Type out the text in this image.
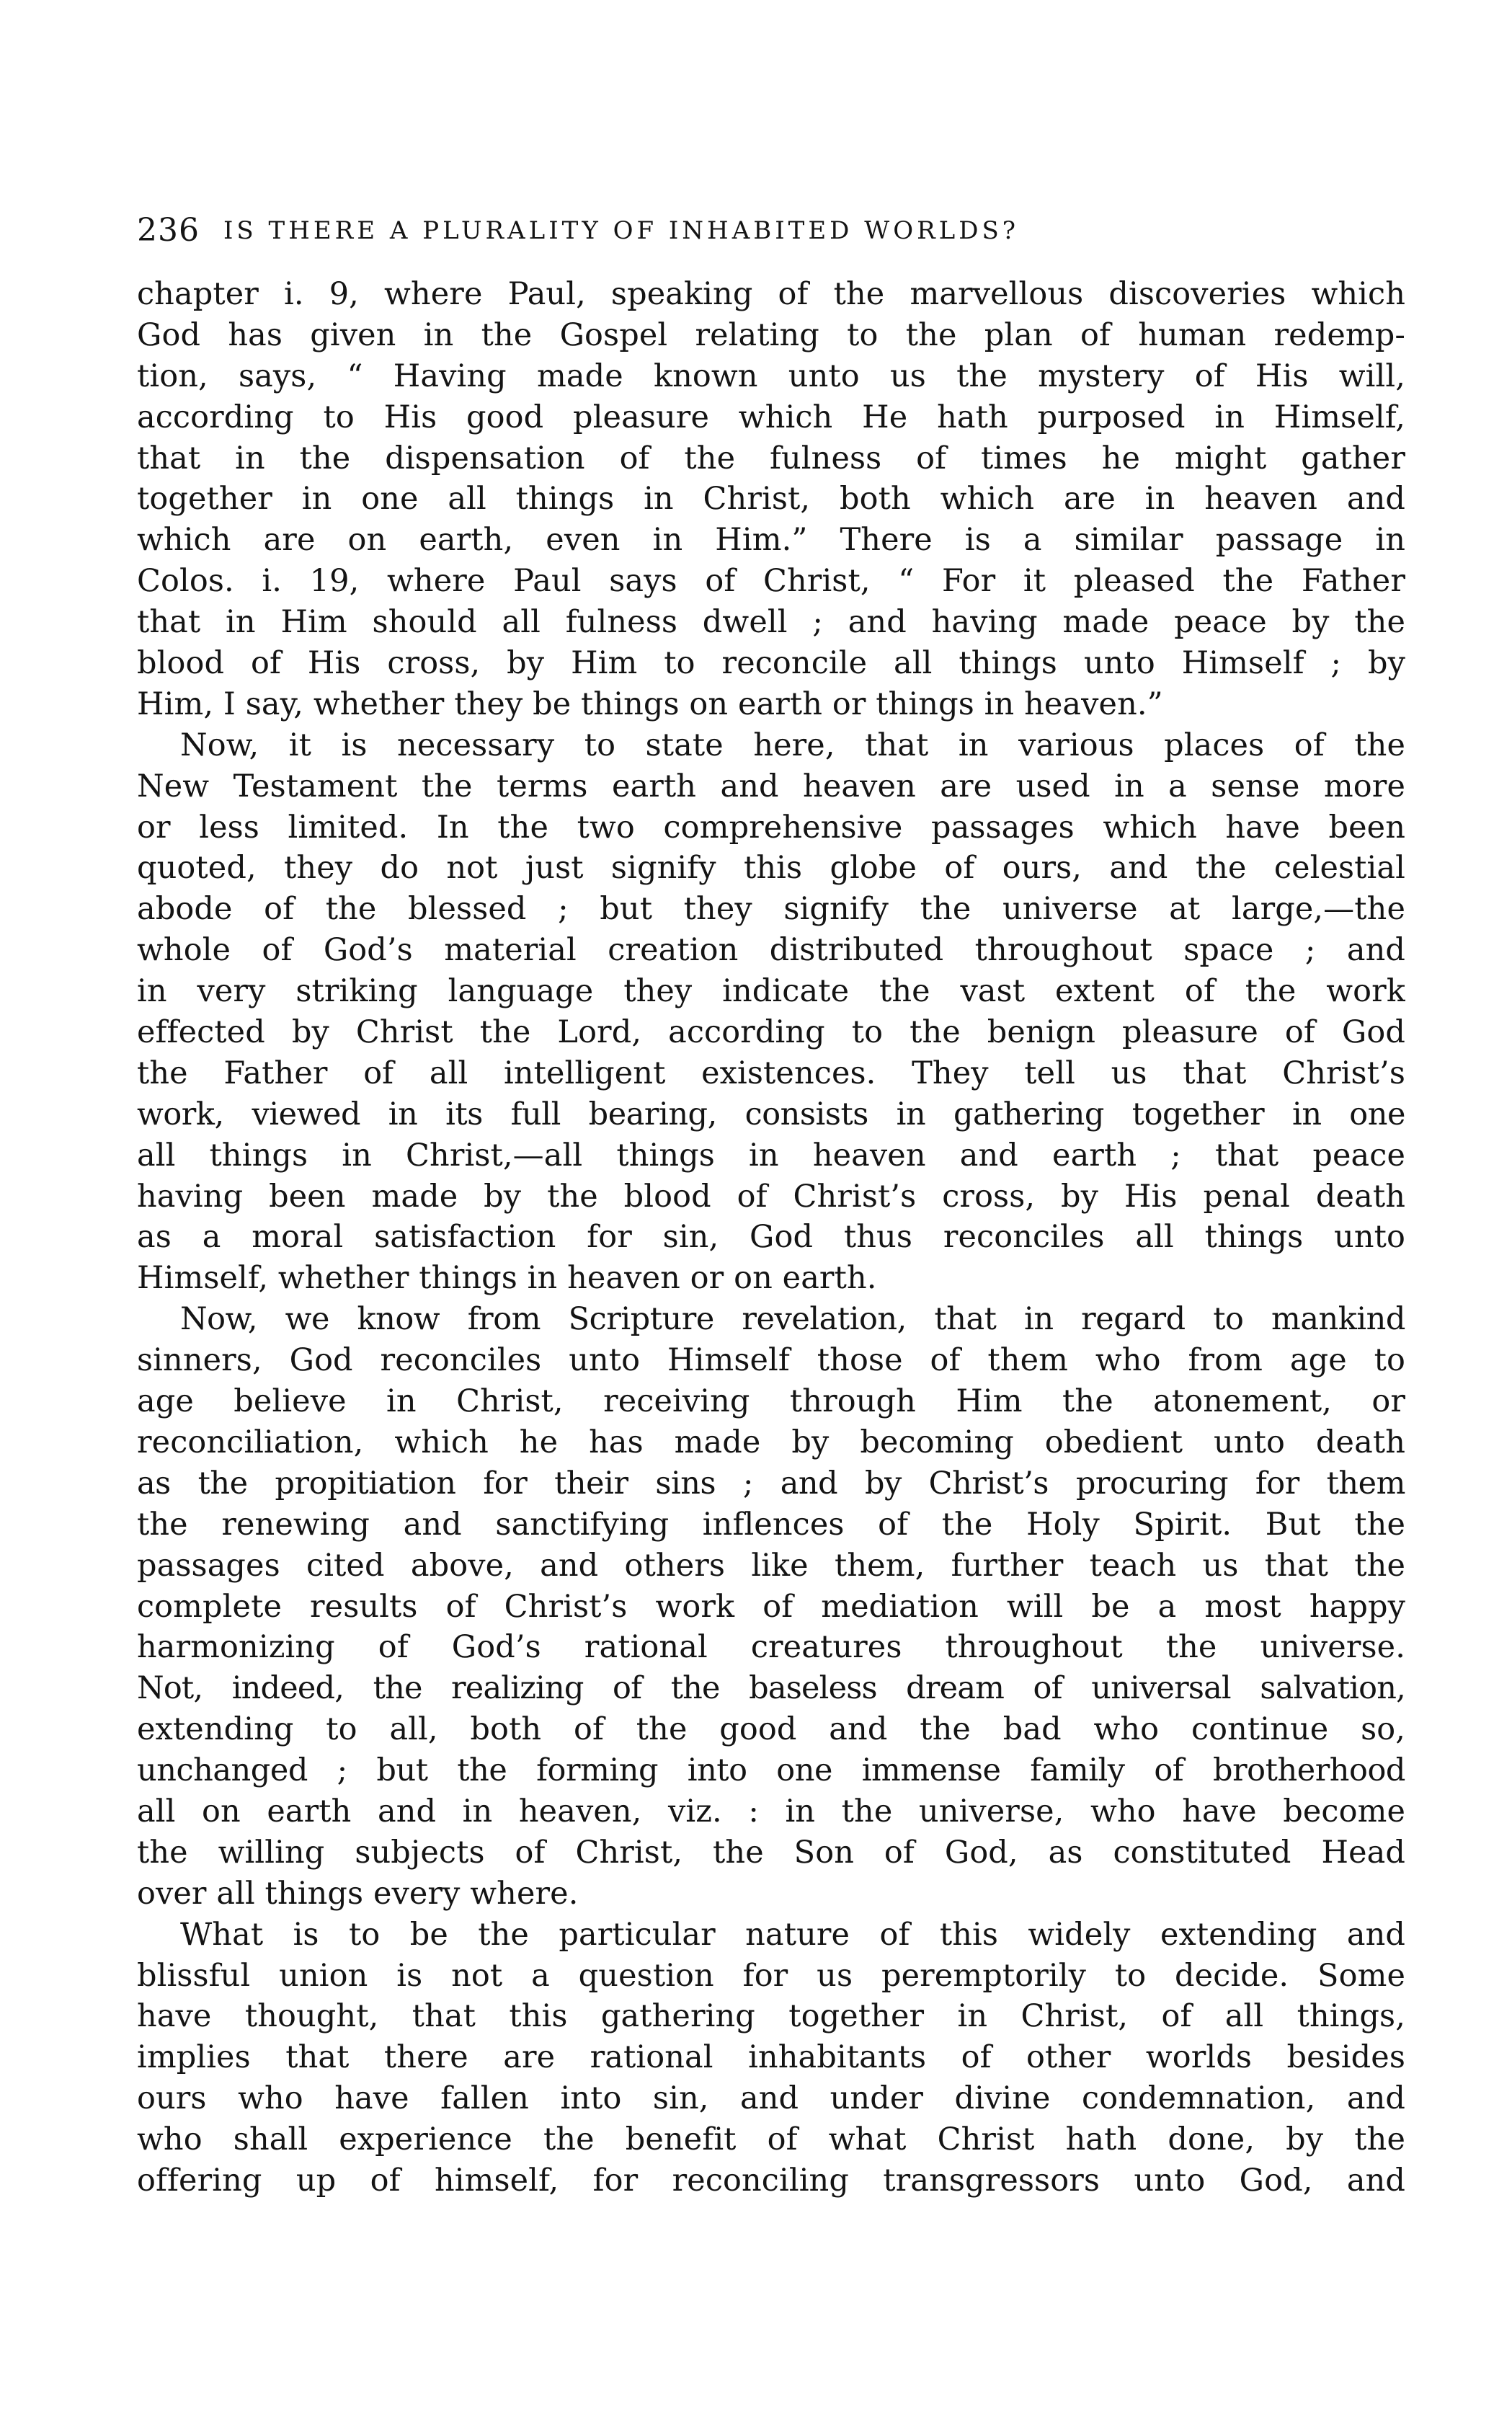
236 IS THERE A PLURALITY OF INHABITED WORLDS?
chapter i. 9, where Paul, speaking of the marvellous discoveries which
God has given in the Gospel relating to the plan of human redemp-
tion, says, “ Having made known unto us the mystery of His will,
according to His good pleasure which He hath purposed in Himself,
that in the dispensation of the fulness of times he might gather
together in one all things in Christ, both which are in heaven and
which are on earth, even in Him.” There is a similar passage in
Colos. i. 19, where Paul says of Christ, “ For it pleased the Father
that in Him should all fulness dwell ; and having made peace by the
blood of His cross, by Him to reconcile all things unto Himself ; by
Him, I say, whether they be things on earth or things in heaven.”
Now, it is necessary to state here, that in various places of the
New Testament the terms earth and heaven are used in a sense more
or less limited. In the two comprehensive passages which have been
quoted, they do not just signify this globe of ours, and the celestial
abode of the blessed ; but they signify the universe at large,—the
whole of God’s material creation distributed throughout space ; and
in very striking language they indicate the vast extent of the work
effected by Christ the Lord, according to the benign pleasure of God
the Father of all intelligent existences. They tell us that Christ’s
work, viewed in its full bearing, consists in gathering together in one
all things in Christ,—all things in heaven and earth ; that peace
having been made by the blood of Christ’s cross, by His penal death
as a moral satisfaction for sin, God thus reconciles all things unto
Himself, whether things in heaven or on earth.
Now, we know from Scripture revelation, that in regard to mankind
sinners, God reconciles unto Himself those of them who from age to
age believe in Christ, receiving through Him the atonement, or
reconciliation, which he has made by becoming obedient unto death
as the propitiation for their sins ; and by Christ’s procuring for them
the renewing and sanctifying inflences of the Holy Spirit. But the
passages cited above, and others like them, further teach us that the
complete results of Christ’s work of mediation will be a most happy
harmonizing of God’s rational creatures throughout the universe.
Not, indeed, the realizing of the baseless dream of universal salvation,
extending to all, both of the good and the bad who continue so,
unchanged ; but the forming into one immense family of brotherhood
all on earth and in heaven, viz. : in the universe, who have become
the willing subjects of Christ, the Son of God, as constituted Head
over all things every where.
What is to be the particular nature of this widely extending and
blissful union is not a question for us peremptorily to decide. Some
have thought, that this gathering together in Christ, of all things,
implies that there are rational inhabitants of other worlds besides
ours who have fallen into sin, and under divine condemnation, and
who shall experience the benefit of what Christ hath done, by the
offering up of himself, for reconciling transgressors unto God, and
